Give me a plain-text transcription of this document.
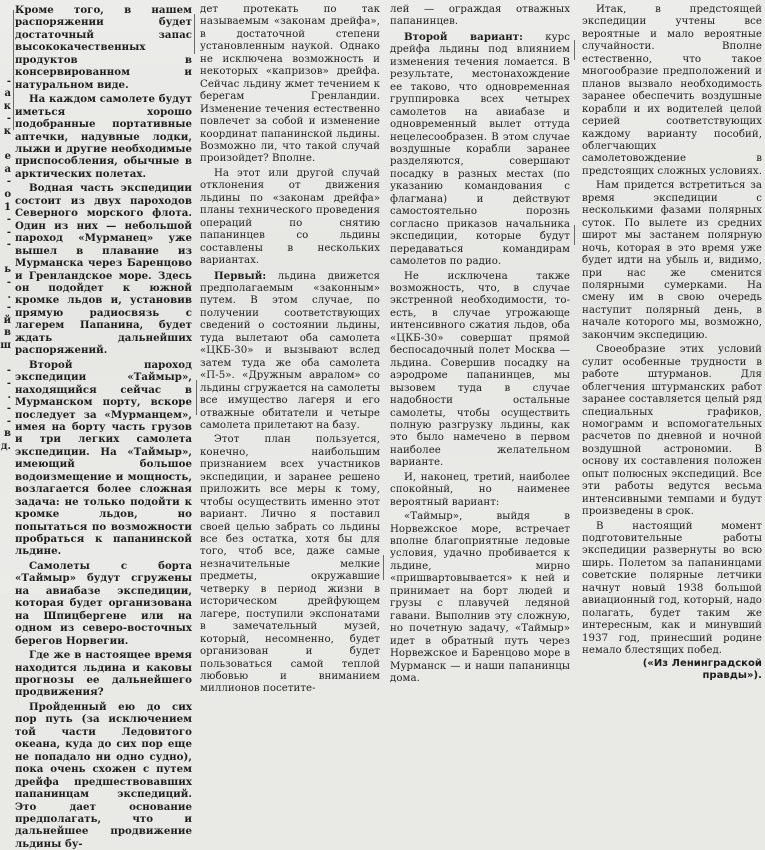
-
а
к
-
к

е
а
-
о
1
-
-
-

ь
-
.
-
й
в
ш

-
-
.
-
-
в
д.

Кроме того, в нашем распоряжении будет достаточный запас высококачественных продуктов в консервированном и натуральном виде.

На каждом самолете будут иметься хорошо подобранные портативные аптечки, надувные лодки, лыжи и другие необходимые приспособления, обычные в арктических полетах.

Водная часть экспедиции состоит из двух пароходов Северного морского флота. Один из них — небольшой пароход «Мурманец» уже вышел в плавание из Мурманска через Баренцово и Гренландское море. Здесь он подойдет к южной кромке льдов и, установив прямую радиосвязь с лагерем Папанина, будет ждать дальнейших распоряжений.

Второй пароход экспедиции «Таймыр», находящийся сейчас в Мурманском порту, вскоре последует за «Мурманцем», имея на борту часть грузов и три легких самолета экспедиции. На «Таймыр», имеющий большое водоизмещение и мощность, возлагается более сложная задача: не только подойти к кромке льдов, но попытаться по возможности пробраться к папанинской льдине.

Самолеты с борта «Таймыр» будут сгружены на авиабазе экспедиции, которая будет организована на Шпицбергене или на одном из северо-восточных берегов Норвегии.

Где же в настоящее время находится льдина и каковы прогнозы ее дальнейшего продвижения?

Пройденный ею до сих пор путь (за исключением той части Ледовитого океана, куда до сих пор еще не попадало ни одно судно), пока очень схожен с путем дрейфа предшествовавших папанинцам экспедиций. Это дает основание предполагать, что и дальнейшее продвижение льдины бу-

дет протекать по так называемым «законам дрейфа», в достаточной степени установленным наукой. Однако не исключена возможность и некоторых «капризов» дрейфа. Сейчас льдину жмет течением к берегам Гренландии. Изменение течения естественно повлечет за собой и изменение координат папанинской льдины. Возможно ли, что такой случай произойдет? Вполне.

На этот или другой случай отклонения от движения льдины по «законам дрейфа» планы технического проведения операций по снятию папанинцев со льдины составлены в нескольких вариантах.

Первый: льдина движется предполагаемым «законным» путем. В этом случае, по получении соответствующих сведений о состоянии льдины, туда вылетают оба самолета «ЦКБ-30» и вызывают вслед затем туда же оба самолета «П-5». «Дружным авралом» со льдины сгружается на самолеты все имущество лагеря и его отважные обитатели и четыре самолета прилетают на базу.

Этот план пользуется, конечно, наибольшим признанием всех участников экспедиции, и заранее решено приложить все меры к тому, чтобы осуществить именно этот вариант. Лично я поставил своей целью забрать со льдины все без остатка, хотя бы для того, чтоб все, даже самые незначительные мелкие предметы, окружавшие четверку в период жизни в историческом дрейфующем лагере, поступили экспонатами в замечательный музей, который, несомненно, будет организован и будет пользоваться самой теплой любовью и вниманием миллионов посетите-

лей — ограждая отважных папанинцев.

Второй вариант: курс дрейфа льдины под влиянием изменения течения ломается. В результате, местонахождение ее таково, что одновременная группировка всех четырех самолетов на авиабазе и одновременный вылет оттуда нецелесообразен. В этом случае воздушные корабли заранее разделяются, совершают посадку в разных местах (по указанию командования с флагмана) и действуют самостоятельно порознь согласно приказов начальника экспедиции, которые будут передаваться командирам самолетов по радио.

Не исключена также возможность, что, в случае экстренной необходимости, то-есть, в случае угрожающе интенсивного сжатия льдов, оба «ЦКБ-30» совершат прямой беспосадочный полет Москва — льдина. Совершив посадку на аэродроме папанинцев, мы вызовем туда в случае надобности остальные самолеты, чтобы осуществить полную разгрузку льдины, как это было намечено в первом наиболее желательном варианте.

И, наконец, третий, наиболее спокойный, но наименее вероятный вариант:

«Таймыр», выйдя в Норвежское море, встречает вполне благоприятные ледовые условия, удачно пробивается к льдине, мирно «пришвартовывается» к ней и принимает на борт людей и грузы с плавучей ледяной гавани. Выполнив эту сложную, но почетную задачу, «Таймыр» идет в обратный путь через Норвежское и Баренцово море в Мурманск — и наши папанинцы дома.

Итак, в предстоящей экспедиции учтены все вероятные и мало вероятные случайности. Вполне естественно, что такое многообразие предположений и планов вызвало необходимость заранее обеспечить воздушные корабли и их водителей целой серией соответствующих каждому варианту пособий, облегчающих самолетовождение в предстоящих сложных условиях.

Нам придется встретиться за время экспедиции с несколькими фазами полярных суток. По вылете из средних широт мы застанем полярную ночь, которая в это время уже будет идти на убыль и, видимо, при нас же сменится полярными сумерками. На смену им в свою очередь наступит полярный день, в начале которого мы, возможно, закончим экспедицию.

Своеобразие этих условий сулит особенные трудности в работе штурманов. Для облегчения штурманских работ заранее составляется целый ряд специальных графиков, номограмм и вспомогательных расчетов по дневной и ночной воздушной астрономии. В основу их составления положен опыт полюсных экспедиций. Все эти работы ведутся весьма интенсивными темпами и будут произведены в срок.

В настоящий момент подготовительные работы экспедиции развернуты во всю ширь. Полетом за папанинцами советские полярные летчики начнут новый 1938 большой авиационный год, который, надо полагать, будет таким же интересным, как и минувший 1937 год, принесший родине немало блестящих побед.

(«Из Ленинградской правды»).
